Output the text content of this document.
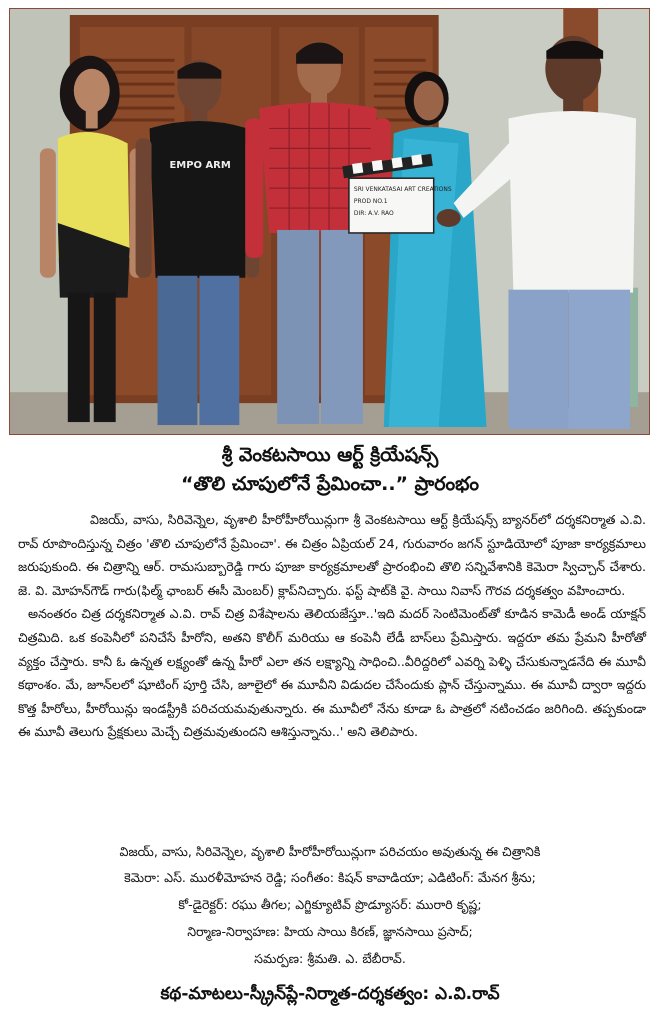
EMPO ARM
SRI VENKATASAI ART CREATIONS
PROD NO.1
DIR: A.V. RAO
శ్రీ వెంకటసాయి ఆర్ట్ క్రియేషన్స్
“తొలి చూపులోనే ప్రేమించా..” ప్రారంభం

విజయ్, వాసు, సిరివెన్నెల, వృశాలి హీరోహీరోయిన్లుగా శ్రీ వెంకటసాయి ఆర్ట్ క్రియేషన్స్ బ్యానర్‌లో దర్శకనిర్మాత ఎ.వి. రావ్ రూపొందిస్తున్న చిత్రం 'తొలి చూపులోనే ప్రేమించా'. ఈ చిత్రం ఏప్రియల్ 24, గురువారం జగన్ స్టూడియోలో పూజా కార్యక్రమాలు జరుపుకుంది. ఈ చిత్రాన్ని ఆర్. రామసుబ్బారెడ్డి గారు పూజా కార్యక్రమాలతో ప్రారంభించి తొలి సన్నివేశానికి కెమెరా స్విచ్చాన్ చేశారు. జె. వి. మోహన్‌గౌడ్ గారు(ఫిల్మ్ ఛాంబర్ ఈసీ మెంబర్) క్లాప్‌నిచ్చారు. ఫస్ట్ షాట్‌కి వై. సాయి నివాస్ గౌరవ దర్శకత్వం వహించారు.

అనంతరం చిత్ర దర్శకనిర్మాత ఎ.వి. రావ్ చిత్ర విశేషాలను తెలియజేస్తూ..'ఇది మదర్ సెంటిమెంట్‌తో కూడిన కామెడీ అండ్ యాక్షన్ చిత్రమిది. ఒక కంపెనీలో పనిచేసే హీరోని, అతని కొలీగ్ మరియు ఆ కంపెనీ లేడీ బాస్‌లు ప్రేమిస్తారు. ఇద్దరూ తమ ప్రేమని హీరోతో వ్యక్తం చేస్తారు. కానీ ఓ ఉన్నత లక్ష్యంతో ఉన్న హీరో ఎలా తన లక్ష్యాన్ని సాధించి..వీరిద్దరిలో ఎవర్ని పెళ్ళి చేసుకున్నాడనేది ఈ మూవీ కథాంశం. మే, జూన్‌లలో షూటింగ్ పూర్తి చేసి, జూలైలో ఈ మూవీని విడుదల చేసేందుకు ప్లాన్ చేస్తున్నాము. ఈ మూవీ ద్వారా ఇద్దరు కొత్త హీరోలు, హీరోయిన్లు ఇండస్ట్రీకి పరిచయమవుతున్నారు. ఈ మూవీలో నేను కూడా ఓ పాత్రలో నటించడం జరిగింది. తప్పకుండా ఈ మూవీ తెలుగు ప్రేక్షకులు మెచ్చే చిత్రమవుతుందని ఆశిస్తున్నాను..' అని తెలిపారు.

విజయ్, వాసు, సిరివెన్నెల, వృశాలి హీరోహీరోయిన్లుగా పరిచయం అవుతున్న ఈ చిత్రానికి
కెమెరా: ఎస్. మురళీమోహన రెడ్డి; సంగీతం: కిషన్ కావాడియా; ఎడిటింగ్: మేనగ శ్రీను;
కో-డైరెక్టర్: రఘు తీగల; ఎగ్జిక్యూటివ్ ప్రొడ్యూసర్: మురారి కృష్ణ;
నిర్మాణ-నిర్వాహణ: హియ సాయి కిరణ్, జ్ఞానసాయి ప్రసాద్;
సమర్పణ: శ్రీమతి. ఎ. బేబీరావ్.
కథ-మాటలు-స్క్రీన్‌ప్లే-నిర్మాత-దర్శకత్వం: ఎ.వి.రావ్
